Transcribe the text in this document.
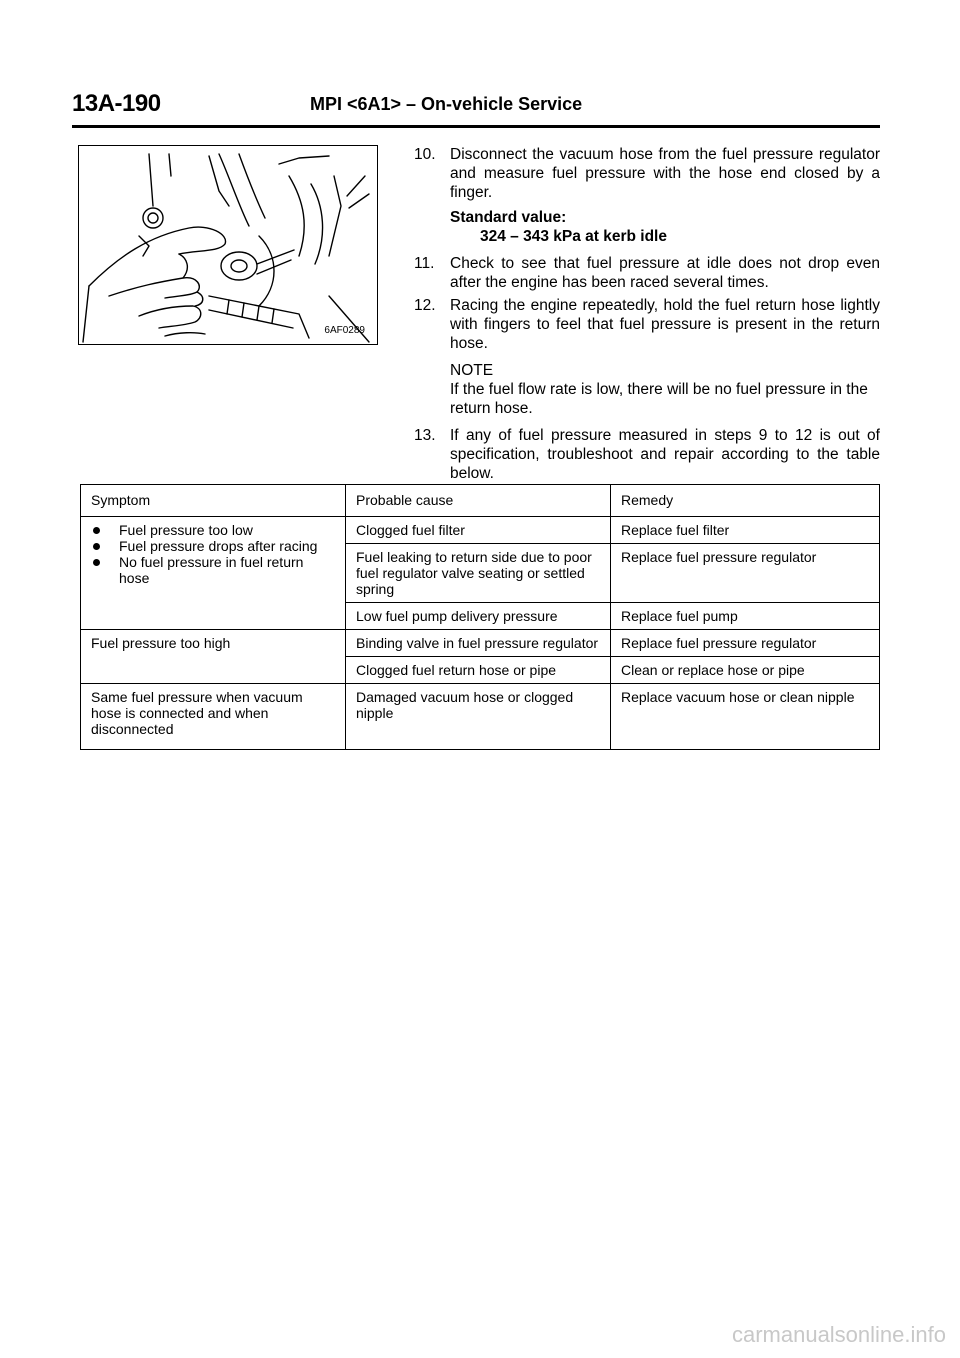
13A-190	MPI <6A1> – On-vehicle Service
6AF0289
10. Disconnect the vacuum hose from the fuel pressure regulator and measure fuel pressure with the hose end closed by a finger.
Standard value:
324 – 343 kPa at kerb idle
11. Check to see that fuel pressure at idle does not drop even after the engine has been raced several times.
12. Racing the engine repeatedly, hold the fuel return hose lightly with fingers to feel that fuel pressure is present in the return hose.
NOTE
If the fuel flow rate is low, there will be no fuel pressure in the return hose.
13. If any of fuel pressure measured in steps 9 to 12 is out of specification, troubleshoot and repair according to the table below.
Symptom	Probable cause	Remedy

Fuel pressure too low
Fuel pressure drops after racing
No fuel pressure in fuel return hose	Clogged fuel filter	Replace fuel filter
	Fuel leaking to return side due to poor fuel regulator valve seating or settled spring	Replace fuel pressure regulator
	Low fuel pump delivery pressure	Replace fuel pump
Fuel pressure too high	Binding valve in fuel pressure regulator	Replace fuel pressure regulator
	Clogged fuel return hose or pipe	Clean or replace hose or pipe
Same fuel pressure when vacuum hose is connected and when disconnected	Damaged vacuum hose or clogged nipple	Replace vacuum hose or clean nipple
carmanualsonline.info
